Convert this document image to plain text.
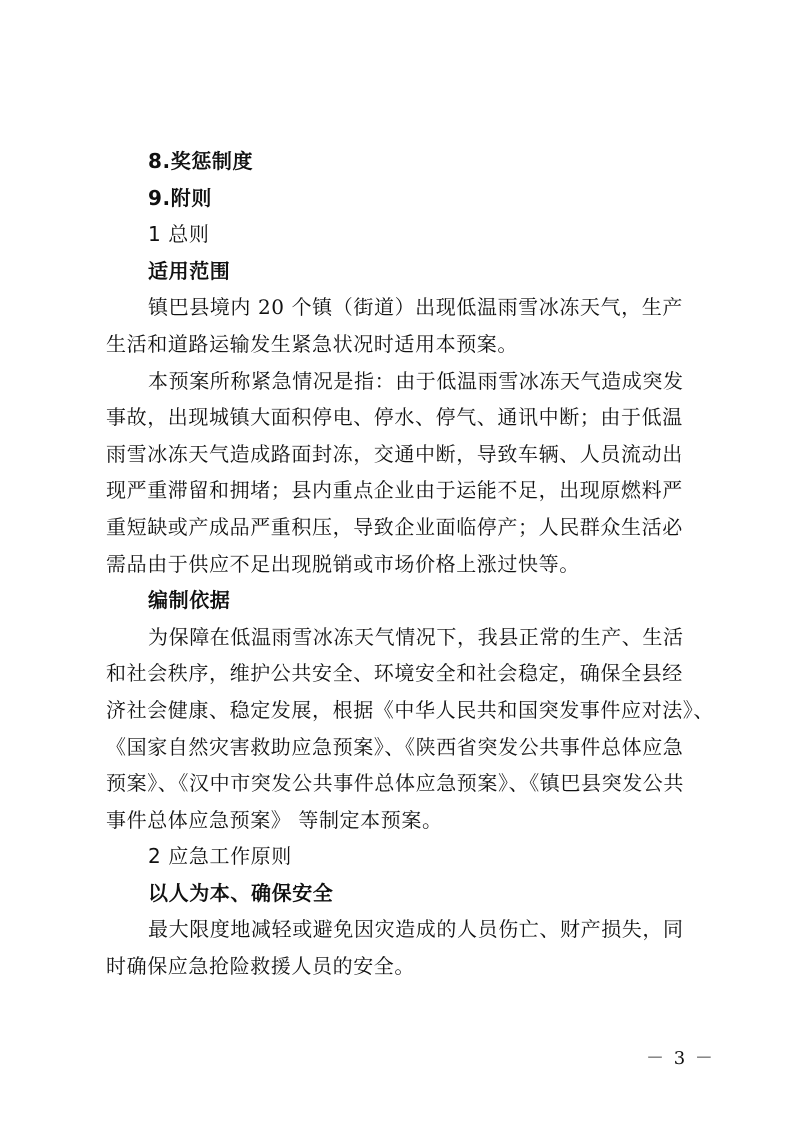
8.奖惩制度
9.附则
1 总则
适用范围
镇巴县境内 20 个镇（街道）出现低温雨雪冰冻天气，生产
生活和道路运输发生紧急状况时适用本预案。
本预案所称紧急情况是指：由于低温雨雪冰冻天气造成突发
事故，出现城镇大面积停电、停水、停气、通讯中断；由于低温
雨雪冰冻天气造成路面封冻，交通中断，导致车辆、人员流动出
现严重滞留和拥堵；县内重点企业由于运能不足，出现原燃料严
重短缺或产成品严重积压，导致企业面临停产；人民群众生活必
需品由于供应不足出现脱销或市场价格上涨过快等。
编制依据
为保障在低温雨雪冰冻天气情况下，我县正常的生产、生活
和社会秩序，维护公共安全、环境安全和社会稳定，确保全县经
济社会健康、稳定发展，根据《中华人民共和国突发事件应对法》、
《国家自然灾害救助应急预案》、《陕西省突发公共事件总体应急
预案》、《汉中市突发公共事件总体应急预案》、《镇巴县突发公共
事件总体应急预案》 等制定本预案。
2 应急工作原则
以人为本、确保安全
最大限度地减轻或避免因灾造成的人员伤亡、财产损失，同
时确保应急抢险救援人员的安全。
－ 3 －
